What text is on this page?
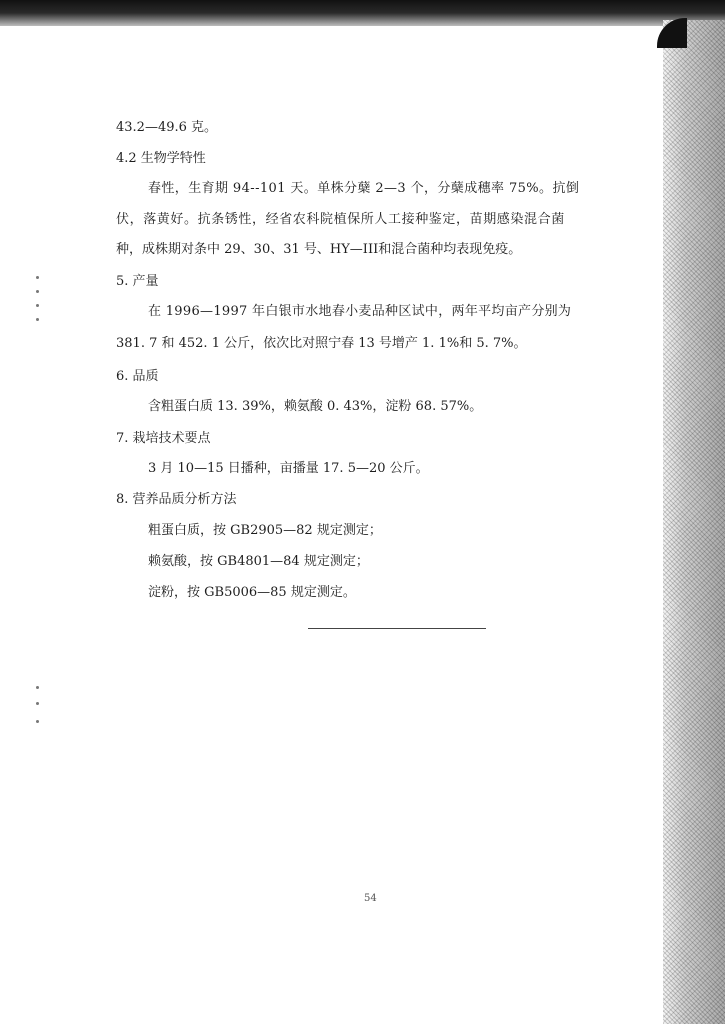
43.2—49.6 克。
4.2 生物学特性
春性，生育期 94--101 天。单株分蘖 2—3 个，分蘖成穗率 75%。抗倒
伏，落黄好。抗条锈性，经省农科院植保所人工接种鉴定，苗期感染混合菌
种，成株期对条中 29、30、31 号、HY—III和混合菌种均表现免疫。
5. 产量
在 1996—1997 年白银市水地春小麦品种区试中，两年平均亩产分别为
381. 7 和 452. 1 公斤，依次比对照宁春 13 号增产 1. 1%和 5. 7%。
6. 品质
含粗蛋白质 13. 39%，赖氨酸 0. 43%，淀粉 68. 57%。
7. 栽培技术要点
3 月 10—15 日播种，亩播量 17. 5—20 公斤。
8. 营养品质分析方法
粗蛋白质，按 GB2905—82 规定测定；
赖氨酸，按 GB4801—84 规定测定；
淀粉，按 GB5006—85 规定测定。
54
